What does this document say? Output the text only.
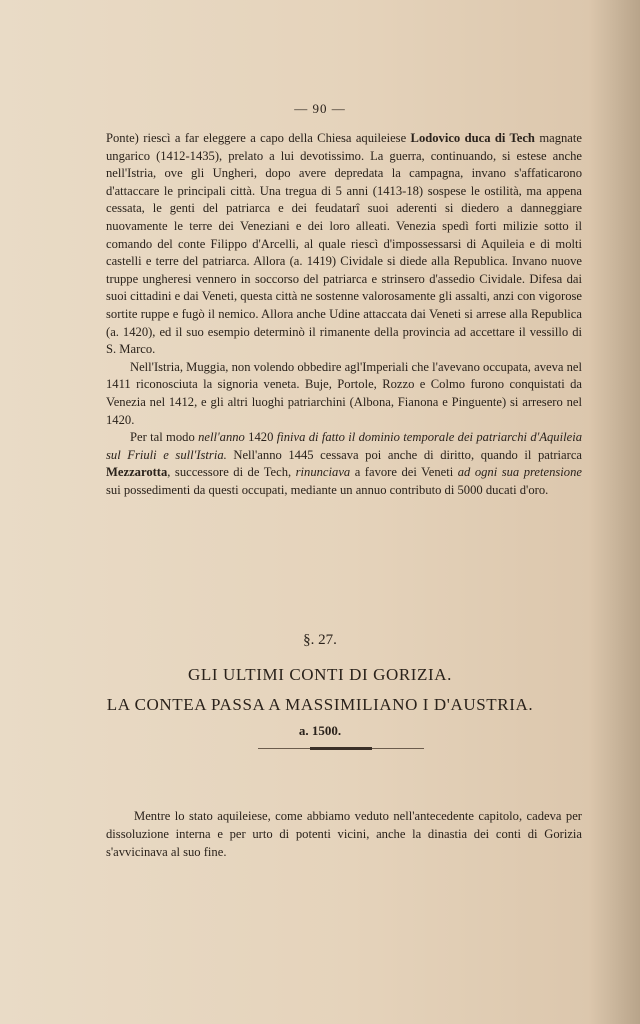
— 90 —

Ponte) riescì a far eleggere a capo della Chiesa aquileiese Lodovico duca di Tech magnate ungarico (1412-1435), prelato a lui devotissimo. La guerra, continuando, si estese anche nell'Istria, ove gli Ungheri, dopo avere depredata la campagna, invano s'affaticarono d'attaccare le principali città. Una tregua di 5 anni (1413-18) sospese le ostilità, ma appena cessata, le genti del patriarca e dei feudatarî suoi aderenti si diedero a danneggiare nuovamente le terre dei Veneziani e dei loro alleati. Venezia spedì forti milizie sotto il comando del conte Filippo d'Arcelli, al quale riescì d'impossessarsi di Aquileia e di molti castelli e terre del patriarca. Allora (a. 1419) Cividale si diede alla Republica. Invano nuove truppe ungheresi vennero in soccorso del patriarca e strinsero d'assedio Cividale. Difesa dai suoi cittadini e dai Veneti, questa città ne sostenne valorosamente gli assalti, anzi con vigorose sortite ruppe e fugò il nemico. Allora anche Udine attaccata dai Veneti si arrese alla Republica (a. 1420), ed il suo esempio determinò il rimanente della provincia ad accettare il vessillo di S. Marco.

Nell'Istria, Muggia, non volendo obbedire agl'Imperiali che l'avevano occupata, aveva nel 1411 riconosciuta la signoria veneta. Buje, Portole, Rozzo e Colmo furono conquistati da Venezia nel 1412, e gli altri luoghi patriarchini (Albona, Fianona e Pinguente) si arresero nel 1420.

Per tal modo nell'anno 1420 finiva di fatto il dominio temporale dei patriarchi d'Aquileia sul Friuli e sull'Istria. Nell'anno 1445 cessava poi anche di diritto, quando il patriarca Mezzarotta, successore di de Tech, rinunciava a favore dei Veneti ad ogni sua pretensione sui possedimenti da questi occupati, mediante un annuo contributo di 5000 ducati d'oro.

§. 27.
GLI ULTIMI CONTI DI GORIZIA.
LA CONTEA PASSA A MASSIMILIANO I D'AUSTRIA.
a. 1500.

Mentre lo stato aquileiese, come abbiamo veduto nell'antecedente capitolo, cadeva per dissoluzione interna e per urto di potenti vicini, anche la dinastia dei conti di Gorizia s'avvicinava al suo fine.
